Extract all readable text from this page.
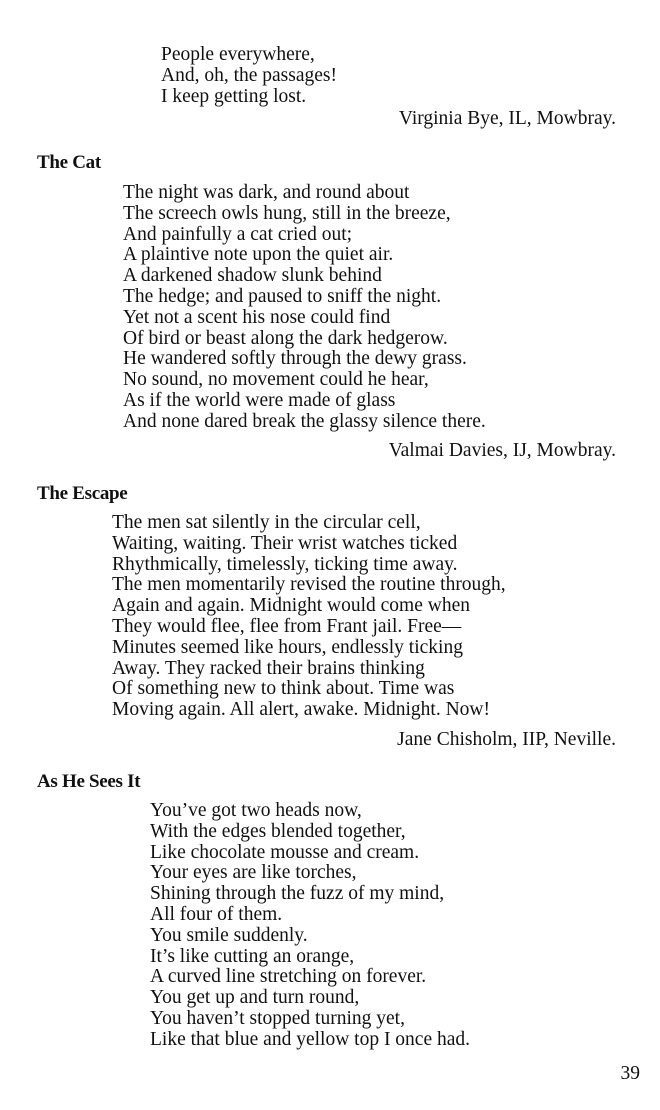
People everywhere,
And, oh, the passages!
I keep getting lost.
Virginia Bye, IL, Mowbray.
The Cat
The night was dark, and round about
The screech owls hung, still in the breeze,
And painfully a cat cried out;
A plaintive note upon the quiet air.
A darkened shadow slunk behind
The hedge; and paused to sniff the night.
Yet not a scent his nose could find
Of bird or beast along the dark hedgerow.
He wandered softly through the dewy grass.
No sound, no movement could he hear,
As if the world were made of glass
And none dared break the glassy silence there.
Valmai Davies, IJ, Mowbray.
The Escape
The men sat silently in the circular cell,
Waiting, waiting. Their wrist watches ticked
Rhythmically, timelessly, ticking time away.
The men momentarily revised the routine through,
Again and again. Midnight would come when
They would flee, flee from Frant jail. Free—
Minutes seemed like hours, endlessly ticking
Away. They racked their brains thinking
Of something new to think about. Time was
Moving again. All alert, awake. Midnight. Now!
Jane Chisholm, IIP, Neville.
As He Sees It
You’ve got two heads now,
With the edges blended together,
Like chocolate mousse and cream.
Your eyes are like torches,
Shining through the fuzz of my mind,
All four of them.
You smile suddenly.
It’s like cutting an orange,
A curved line stretching on forever.
You get up and turn round,
You haven’t stopped turning yet,
Like that blue and yellow top I once had.
39
